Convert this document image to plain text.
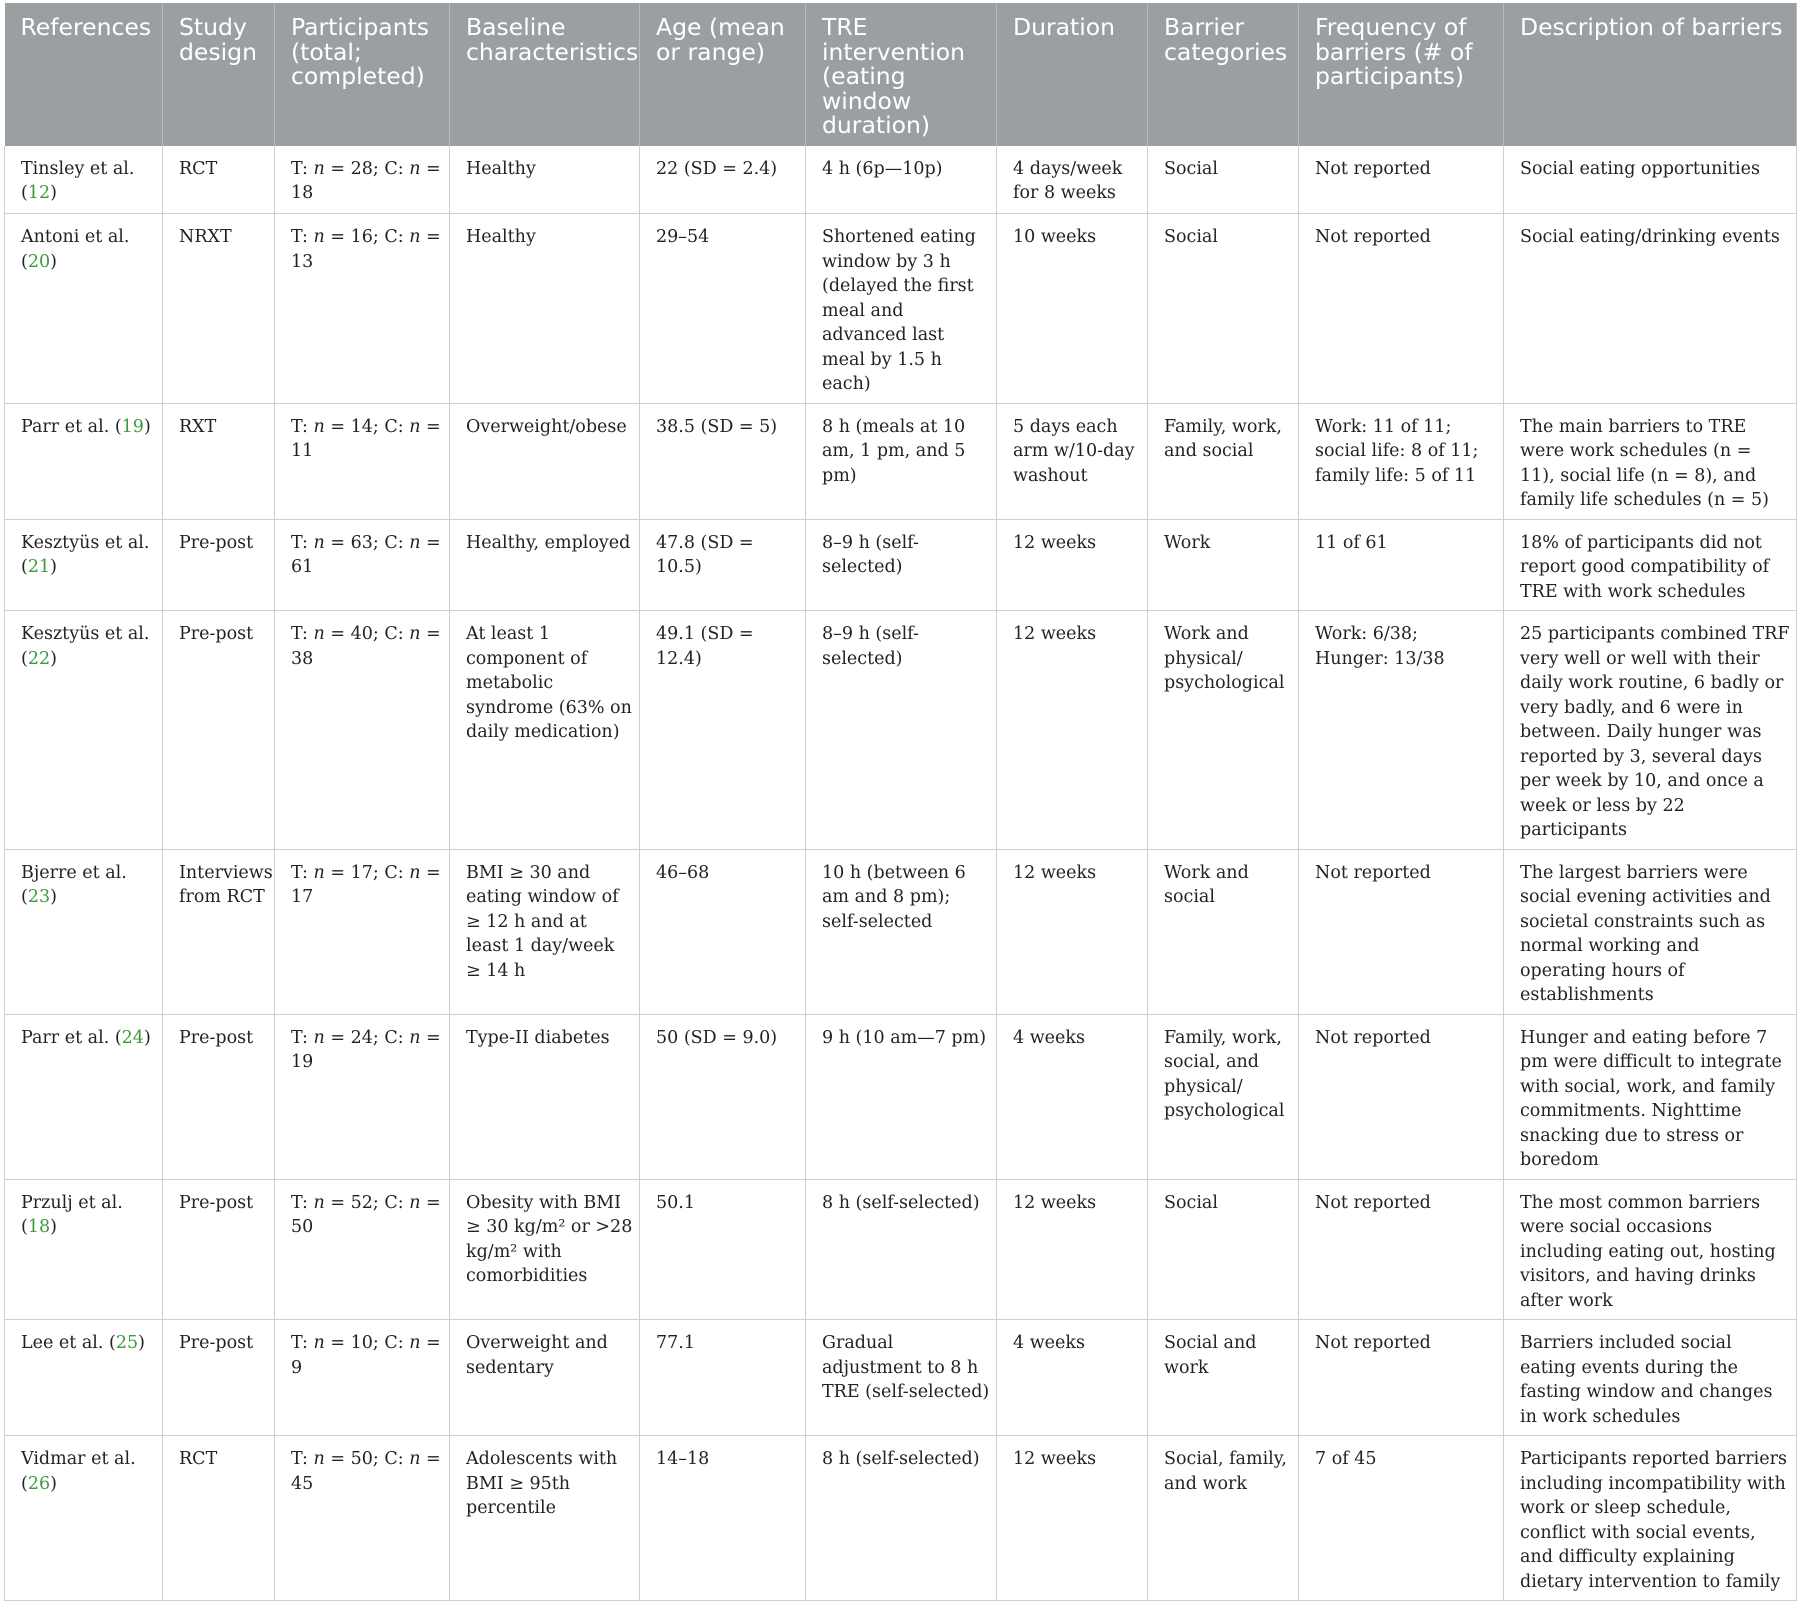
References	Study design	Participants (total; completed)	Baseline characteristics	Age (mean or range)	TRE intervention (eating window duration)	Duration	Barrier categories	Frequency of barriers (# of participants)	Description of barriers
Tinsley et al. (12)	RCT	T: n = 28; C: n = 18	Healthy	22 (SD = 2.4)	4 h (6p—10p)	4 days/week for 8 weeks	Social	Not reported	Social eating opportunities
Antoni et al. (20)	NRXT	T: n = 16; C: n = 13	Healthy	29–54	Shortened eating window by 3 h (delayed the first meal and advanced last meal by 1.5 h each)	10 weeks	Social	Not reported	Social eating/drinking events
Parr et al. (19)	RXT	T: n = 14; C: n = 11	Overweight/obese	38.5 (SD = 5)	8 h (meals at 10 am, 1 pm, and 5 pm)	5 days each arm w/10-day washout	Family, work, and social	Work: 11 of 11; social life: 8 of 11; family life: 5 of 11	The main barriers to TRE were work schedules (n = 11), social life (n = 8), and family life schedules (n = 5)
Kesztyüs et al. (21)	Pre-post	T: n = 63; C: n = 61	Healthy, employed	47.8 (SD = 10.5)	8–9 h (self-selected)	12 weeks	Work	11 of 61	18% of participants did not report good compatibility of TRE with work schedules
Kesztyüs et al. (22)	Pre-post	T: n = 40; C: n = 38	At least 1 component of metabolic syndrome (63% on daily medication)	49.1 (SD = 12.4)	8–9 h (self-selected)	12 weeks	Work and physical/ psychological	Work: 6/38; Hunger: 13/38	25 participants combined TRF very well or well with their daily work routine, 6 badly or very badly, and 6 were in between. Daily hunger was reported by 3, several days per week by 10, and once a week or less by 22 participants
Bjerre et al. (23)	Interviews from RCT	T: n = 17; C: n = 17	BMI ≥ 30 and eating window of ≥ 12 h and at least 1 day/week ≥ 14 h	46–68	10 h (between 6 am and 8 pm); self-selected	12 weeks	Work and social	Not reported	The largest barriers were social evening activities and societal constraints such as normal working and operating hours of establishments
Parr et al. (24)	Pre-post	T: n = 24; C: n = 19	Type-II diabetes	50 (SD = 9.0)	9 h (10 am—7 pm)	4 weeks	Family, work, social, and physical/ psychological	Not reported	Hunger and eating before 7 pm were difficult to integrate with social, work, and family commitments. Nighttime snacking due to stress or boredom
Przulj et al. (18)	Pre-post	T: n = 52; C: n = 50	Obesity with BMI ≥ 30 kg/m² or >28 kg/m² with comorbidities	50.1	8 h (self-selected)	12 weeks	Social	Not reported	The most common barriers were social occasions including eating out, hosting visitors, and having drinks after work
Lee et al. (25)	Pre-post	T: n = 10; C: n = 9	Overweight and sedentary	77.1	Gradual adjustment to 8 h TRE (self-selected)	4 weeks	Social and work	Not reported	Barriers included social eating events during the fasting window and changes in work schedules
Vidmar et al. (26)	RCT	T: n = 50; C: n = 45	Adolescents with BMI ≥ 95th percentile	14–18	8 h (self-selected)	12 weeks	Social, family, and work	7 of 45	Participants reported barriers including incompatibility with work or sleep schedule, conflict with social events, and difficulty explaining dietary intervention to family
